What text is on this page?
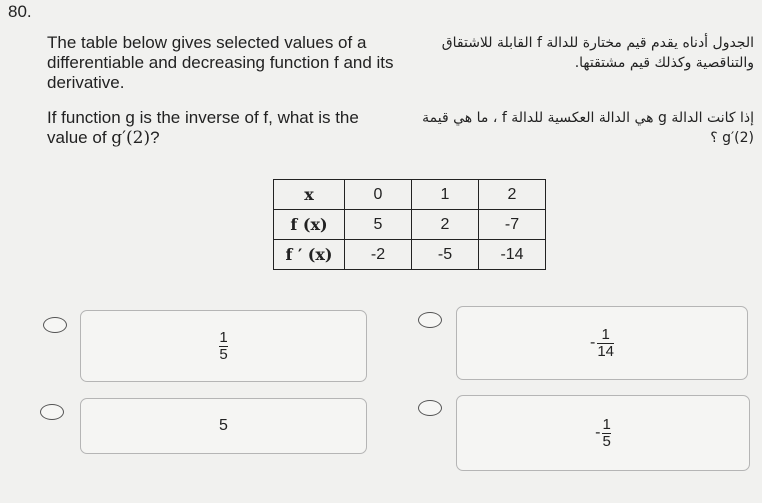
80.
The table below gives selected values of a differentiable and decreasing function f and its derivative.
الجدول أدناه يقدم قيم مختارة للدالة f القابلة للاشتقاق والتناقصية وكذلك قيم مشتقتها.
If function g is the inverse of f, what is the value of g′(2)?
إذا كانت الدالة g هي الدالة العكسية للدالة f ، ما هي قيمة g′(2) ؟
x	0	1	2
f (x)	5	2	-7
f ′ (x)	-2	-5	-14
$\frac{1}{5}$	- $\frac{1}{14}$
5	- $\frac{1}{5}$
